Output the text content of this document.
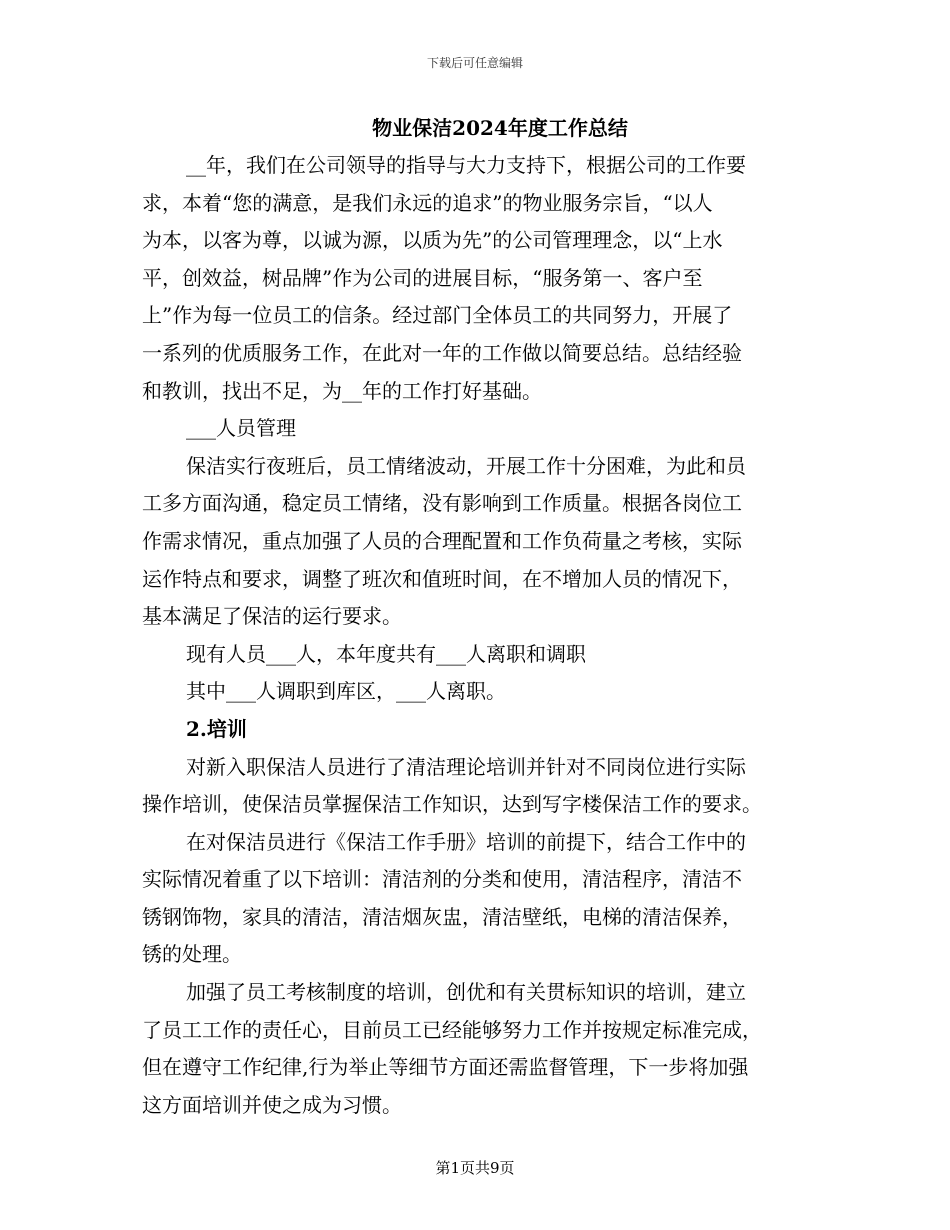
下载后可任意编辑
物业保洁2024年度工作总结
__年，我们在公司领导的指导与大力支持下，根据公司的工作要
求，本着“您的满意，是我们永远的追求”的物业服务宗旨，“以人
为本，以客为尊，以诚为源，以质为先”的公司管理理念，以“上水
平，创效益，树品牌”作为公司的进展目标，“服务第一、客户至
上”作为每一位员工的信条。经过部门全体员工的共同努力，开展了
一系列的优质服务工作，在此对一年的工作做以简要总结。总结经验
和教训，找出不足，为__年的工作打好基础。
___人员管理
保洁实行夜班后，员工情绪波动，开展工作十分困难，为此和员
工多方面沟通，稳定员工情绪，没有影响到工作质量。根据各岗位工
作需求情况，重点加强了人员的合理配置和工作负荷量之考核，实际
运作特点和要求，调整了班次和值班时间，在不增加人员的情况下，
基本满足了保洁的运行要求。
现有人员___人，本年度共有___人离职和调职
其中___人调职到库区，___人离职。
2.培训
对新入职保洁人员进行了清洁理论培训并针对不同岗位进行实际
操作培训，使保洁员掌握保洁工作知识，达到写字楼保洁工作的要求。
在对保洁员进行《保洁工作手册》培训的前提下，结合工作中的
实际情况着重了以下培训：清洁剂的分类和使用，清洁程序，清洁不
锈钢饰物，家具的清洁，清洁烟灰盅，清洁壁纸，电梯的清洁保养，
锈的处理。
加强了员工考核制度的培训，创优和有关贯标知识的培训，建立
了员工工作的责任心，目前员工已经能够努力工作并按规定标准完成，
但在遵守工作纪律,行为举止等细节方面还需监督管理，下一步将加强
这方面培训并使之成为习惯。
第1页共9页
